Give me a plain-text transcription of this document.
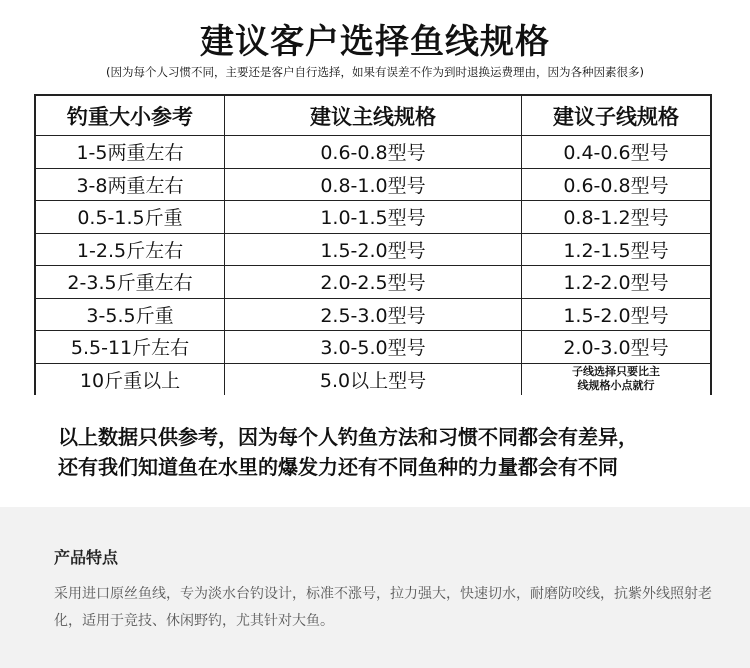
建议客户选择鱼线规格
(因为每个人习惯不同，主要还是客户自行选择，如果有误差不作为到时退换运费理由，因为各种因素很多)
钓重大小参考	建议主线规格	建议子线规格
1-5两重左右	0.6-0.8型号	0.4-0.6型号
3-8两重左右	0.8-1.0型号	0.6-0.8型号
0.5-1.5斤重	1.0-1.5型号	0.8-1.2型号
1-2.5斤左右	1.5-2.0型号	1.2-1.5型号
2-3.5斤重左右	2.0-2.5型号	1.2-2.0型号
3-5.5斤重	2.5-3.0型号	1.5-2.0型号
5.5-11斤左右	3.0-5.0型号	2.0-3.0型号
10斤重以上	5.0以上型号	子线选择只要比主
线规格小点就行
以上数据只供参考，因为每个人钓鱼方法和习惯不同都会有差异，
还有我们知道鱼在水里的爆发力还有不同鱼种的力量都会有不同
产品特点
采用进口原丝鱼线，专为淡水台钓设计，标准不涨号，拉力强大，快速切水，耐磨防咬线，抗紫外线照射老化，适用于竞技、休闲野钓，尤其针对大鱼。
